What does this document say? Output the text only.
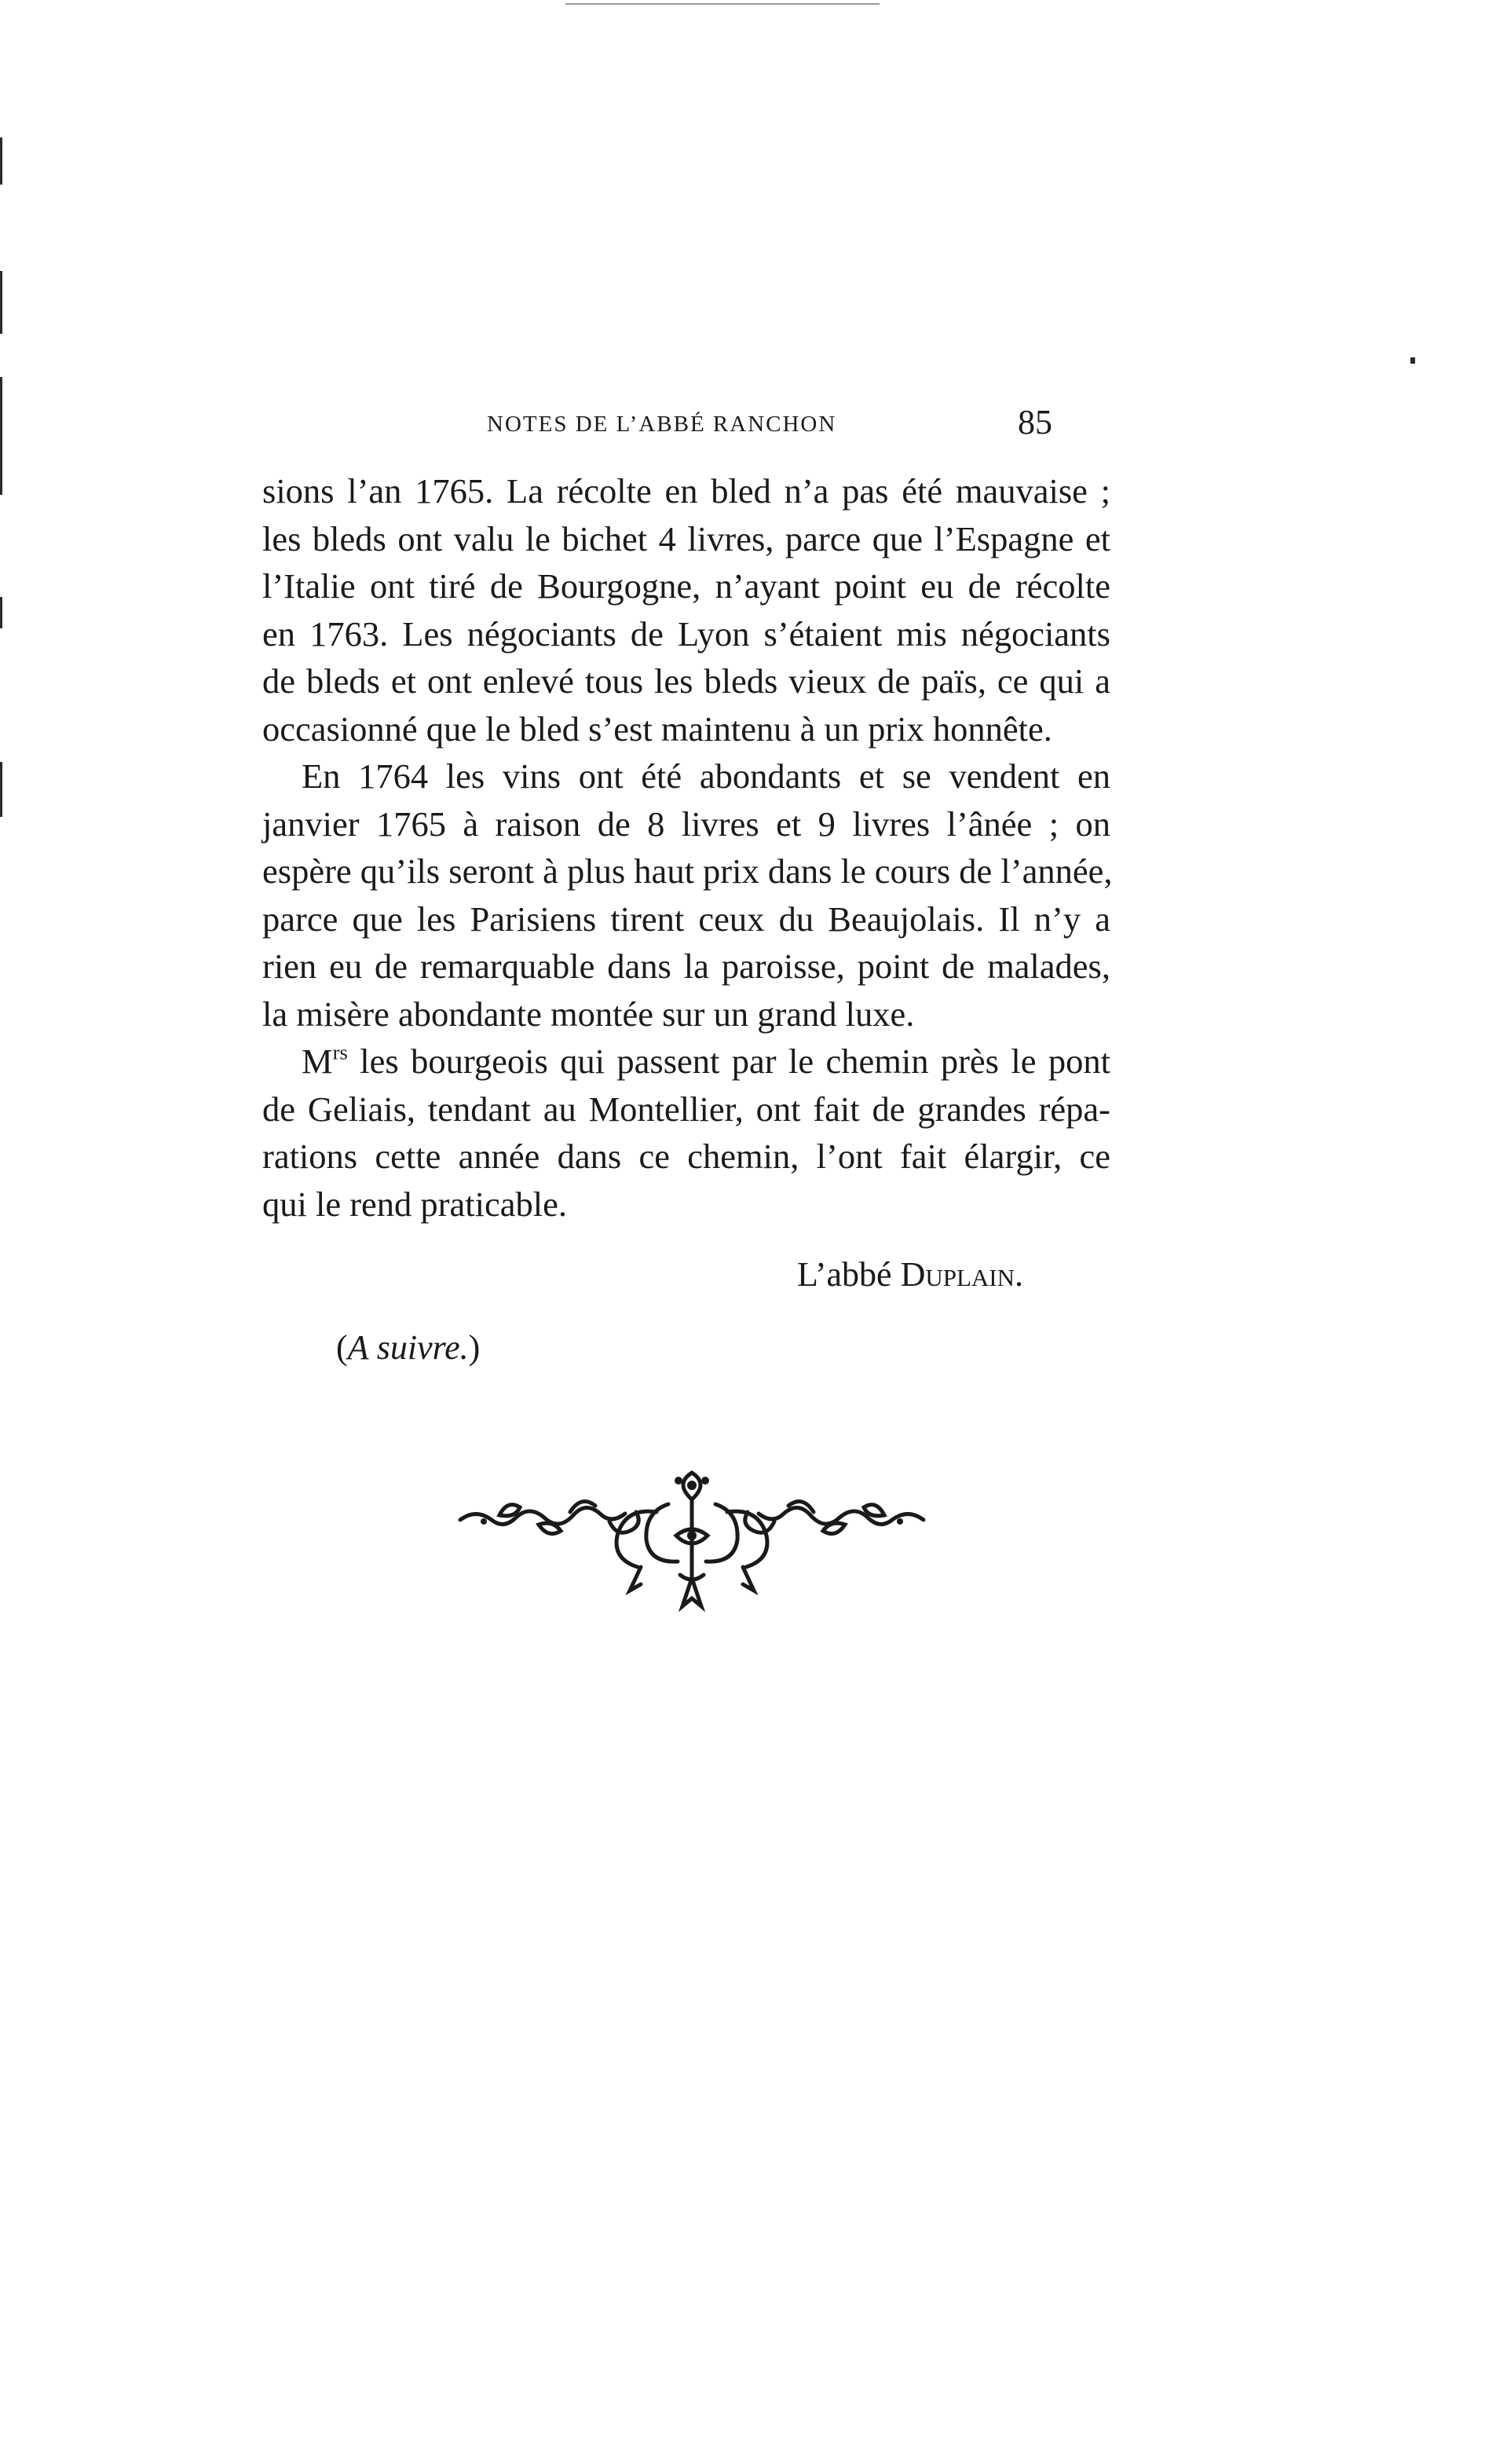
NOTES DE L’ABBÉ RANCHON	85

sions l’an 1765. La récolte en bled n’a pas été mauvaise ;
les bleds ont valu le bichet 4 livres, parce que l’Espagne et
l’Italie ont tiré de Bourgogne, n’ayant point eu de récolte
en 1763. Les négociants de Lyon s’étaient mis négociants
de bleds et ont enlevé tous les bleds vieux de païs, ce qui a
occasionné que le bled s’est maintenu à un prix honnête.

En 1764 les vins ont été abondants et se vendent en
janvier 1765 à raison de 8 livres et 9 livres l’ânée ; on
espère qu’ils seront à plus haut prix dans le cours de l’année,
parce que les Parisiens tirent ceux du Beaujolais. Il n’y a
rien eu de remarquable dans la paroisse, point de malades,
la misère abondante montée sur un grand luxe.

$M^{rs}$ les bourgeois qui passent par le chemin près le pont
de Geliais, tendant au Montellier, ont fait de grandes répa-
rations cette année dans ce chemin, l’ont fait élargir, ce
qui le rend praticable.

L’abbé Duplain.
(A suivre.)
